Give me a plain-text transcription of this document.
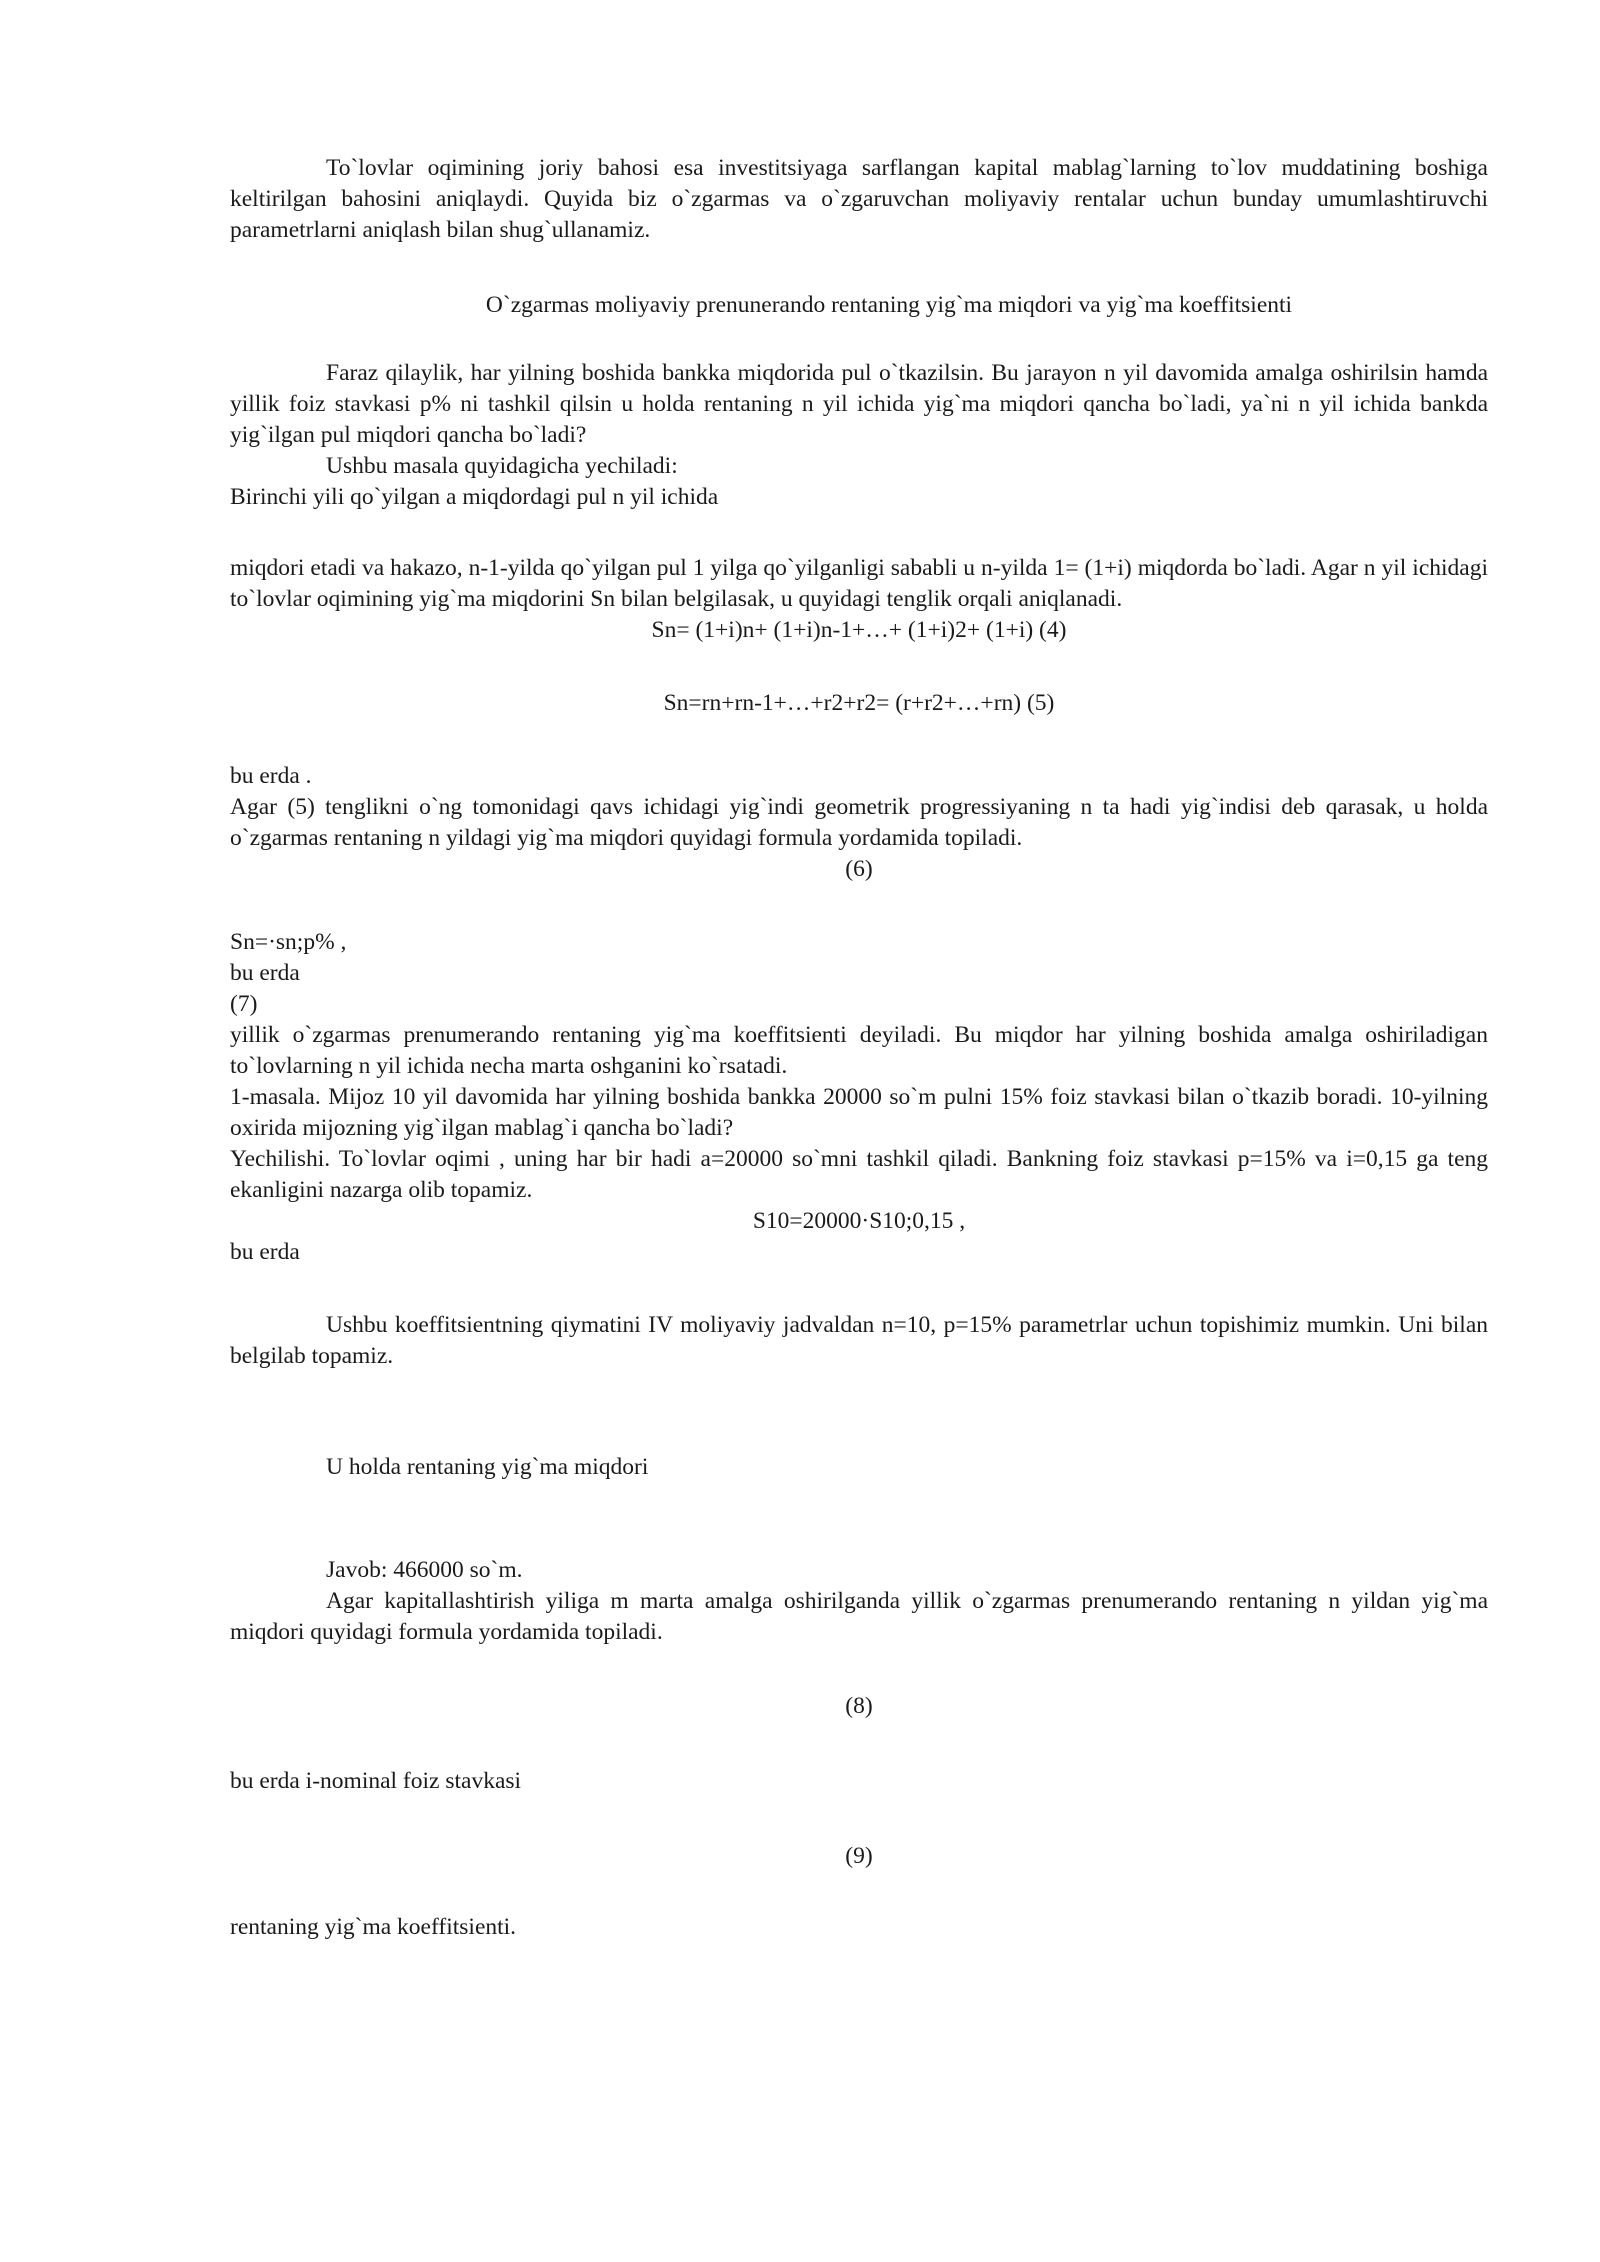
To`lovlar oqimining joriy bahosi esa investitsiyaga sarflangan kapital mablag`larning to`lov muddatining boshiga keltirilgan bahosini aniqlaydi. Quyida biz o`zgarmas va o`zgaruvchan moliyaviy rentalar uchun bunday umumlashtiruvchi parametrlarni aniqlash bilan shug`ullanamiz.

O`zgarmas moliyaviy prenunerando rentaning yig`ma miqdori va yig`ma koeffitsienti

Faraz qilaylik, har yilning boshida bankka miqdorida pul o`tkazilsin. Bu jarayon n yil davomida amalga oshirilsin hamda yillik foiz stavkasi p% ni tashkil qilsin u holda rentaning n yil ichida yig`ma miqdori qancha bo`ladi, ya`ni n yil ichida bankda yig`ilgan pul miqdori qancha bo`ladi?

Ushbu masala quyidagicha yechiladi:

Birinchi yili qo`yilgan a miqdordagi pul n yil ichida

miqdori etadi va hakazo, n-1-yilda qo`yilgan pul 1 yilga qo`yilganligi sababli u n-yilda 1= (1+i) miqdorda bo`ladi. Agar n yil ichidagi to`lovlar oqimining yig`ma miqdorini Sn bilan belgilasak, u quyidagi tenglik orqali aniqlanadi.

Sn= (1+i)n+ (1+i)n-1+…+ (1+i)2+ (1+i) (4)

Sn=rn+rn-1+…+r2+r2= (r+r2+…+rn) (5)

bu erda .

Agar (5) tenglikni o`ng tomonidagi qavs ichidagi yig`indi geometrik progressiyaning n ta hadi yig`indisi deb qarasak, u holda o`zgarmas rentaning n yildagi yig`ma miqdori quyidagi formula yordamida topiladi.

(6)

Sn=·sn;p% ,

bu erda

(7)

yillik o`zgarmas prenumerando rentaning yig`ma koeffitsienti deyiladi. Bu miqdor har yilning boshida amalga oshiriladigan to`lovlarning n yil ichida necha marta oshganini ko`rsatadi.

1-masala. Mijoz 10 yil davomida har yilning boshida bankka 20000 so`m pulni 15% foiz stavkasi bilan o`tkazib boradi. 10-yilning oxirida mijozning yig`ilgan mablag`i qancha bo`ladi?

Yechilishi. To`lovlar oqimi , uning har bir hadi a=20000 so`mni tashkil qiladi. Bankning foiz stavkasi p=15% va i=0,15 ga teng ekanligini nazarga olib topamiz.

S10=20000·S10;0,15 ,

bu erda

Ushbu koeffitsientning qiymatini IV moliyaviy jadvaldan n=10, p=15% parametrlar uchun topishimiz mumkin. Uni bilan belgilab topamiz.

U holda rentaning yig`ma miqdori

Javob: 466000 so`m.

Agar kapitallashtirish yiliga m marta amalga oshirilganda yillik o`zgarmas prenumerando rentaning n yildan yig`ma miqdori quyidagi formula yordamida topiladi.

(8)

bu erda i-nominal foiz stavkasi

(9)

rentaning yig`ma koeffitsienti.
